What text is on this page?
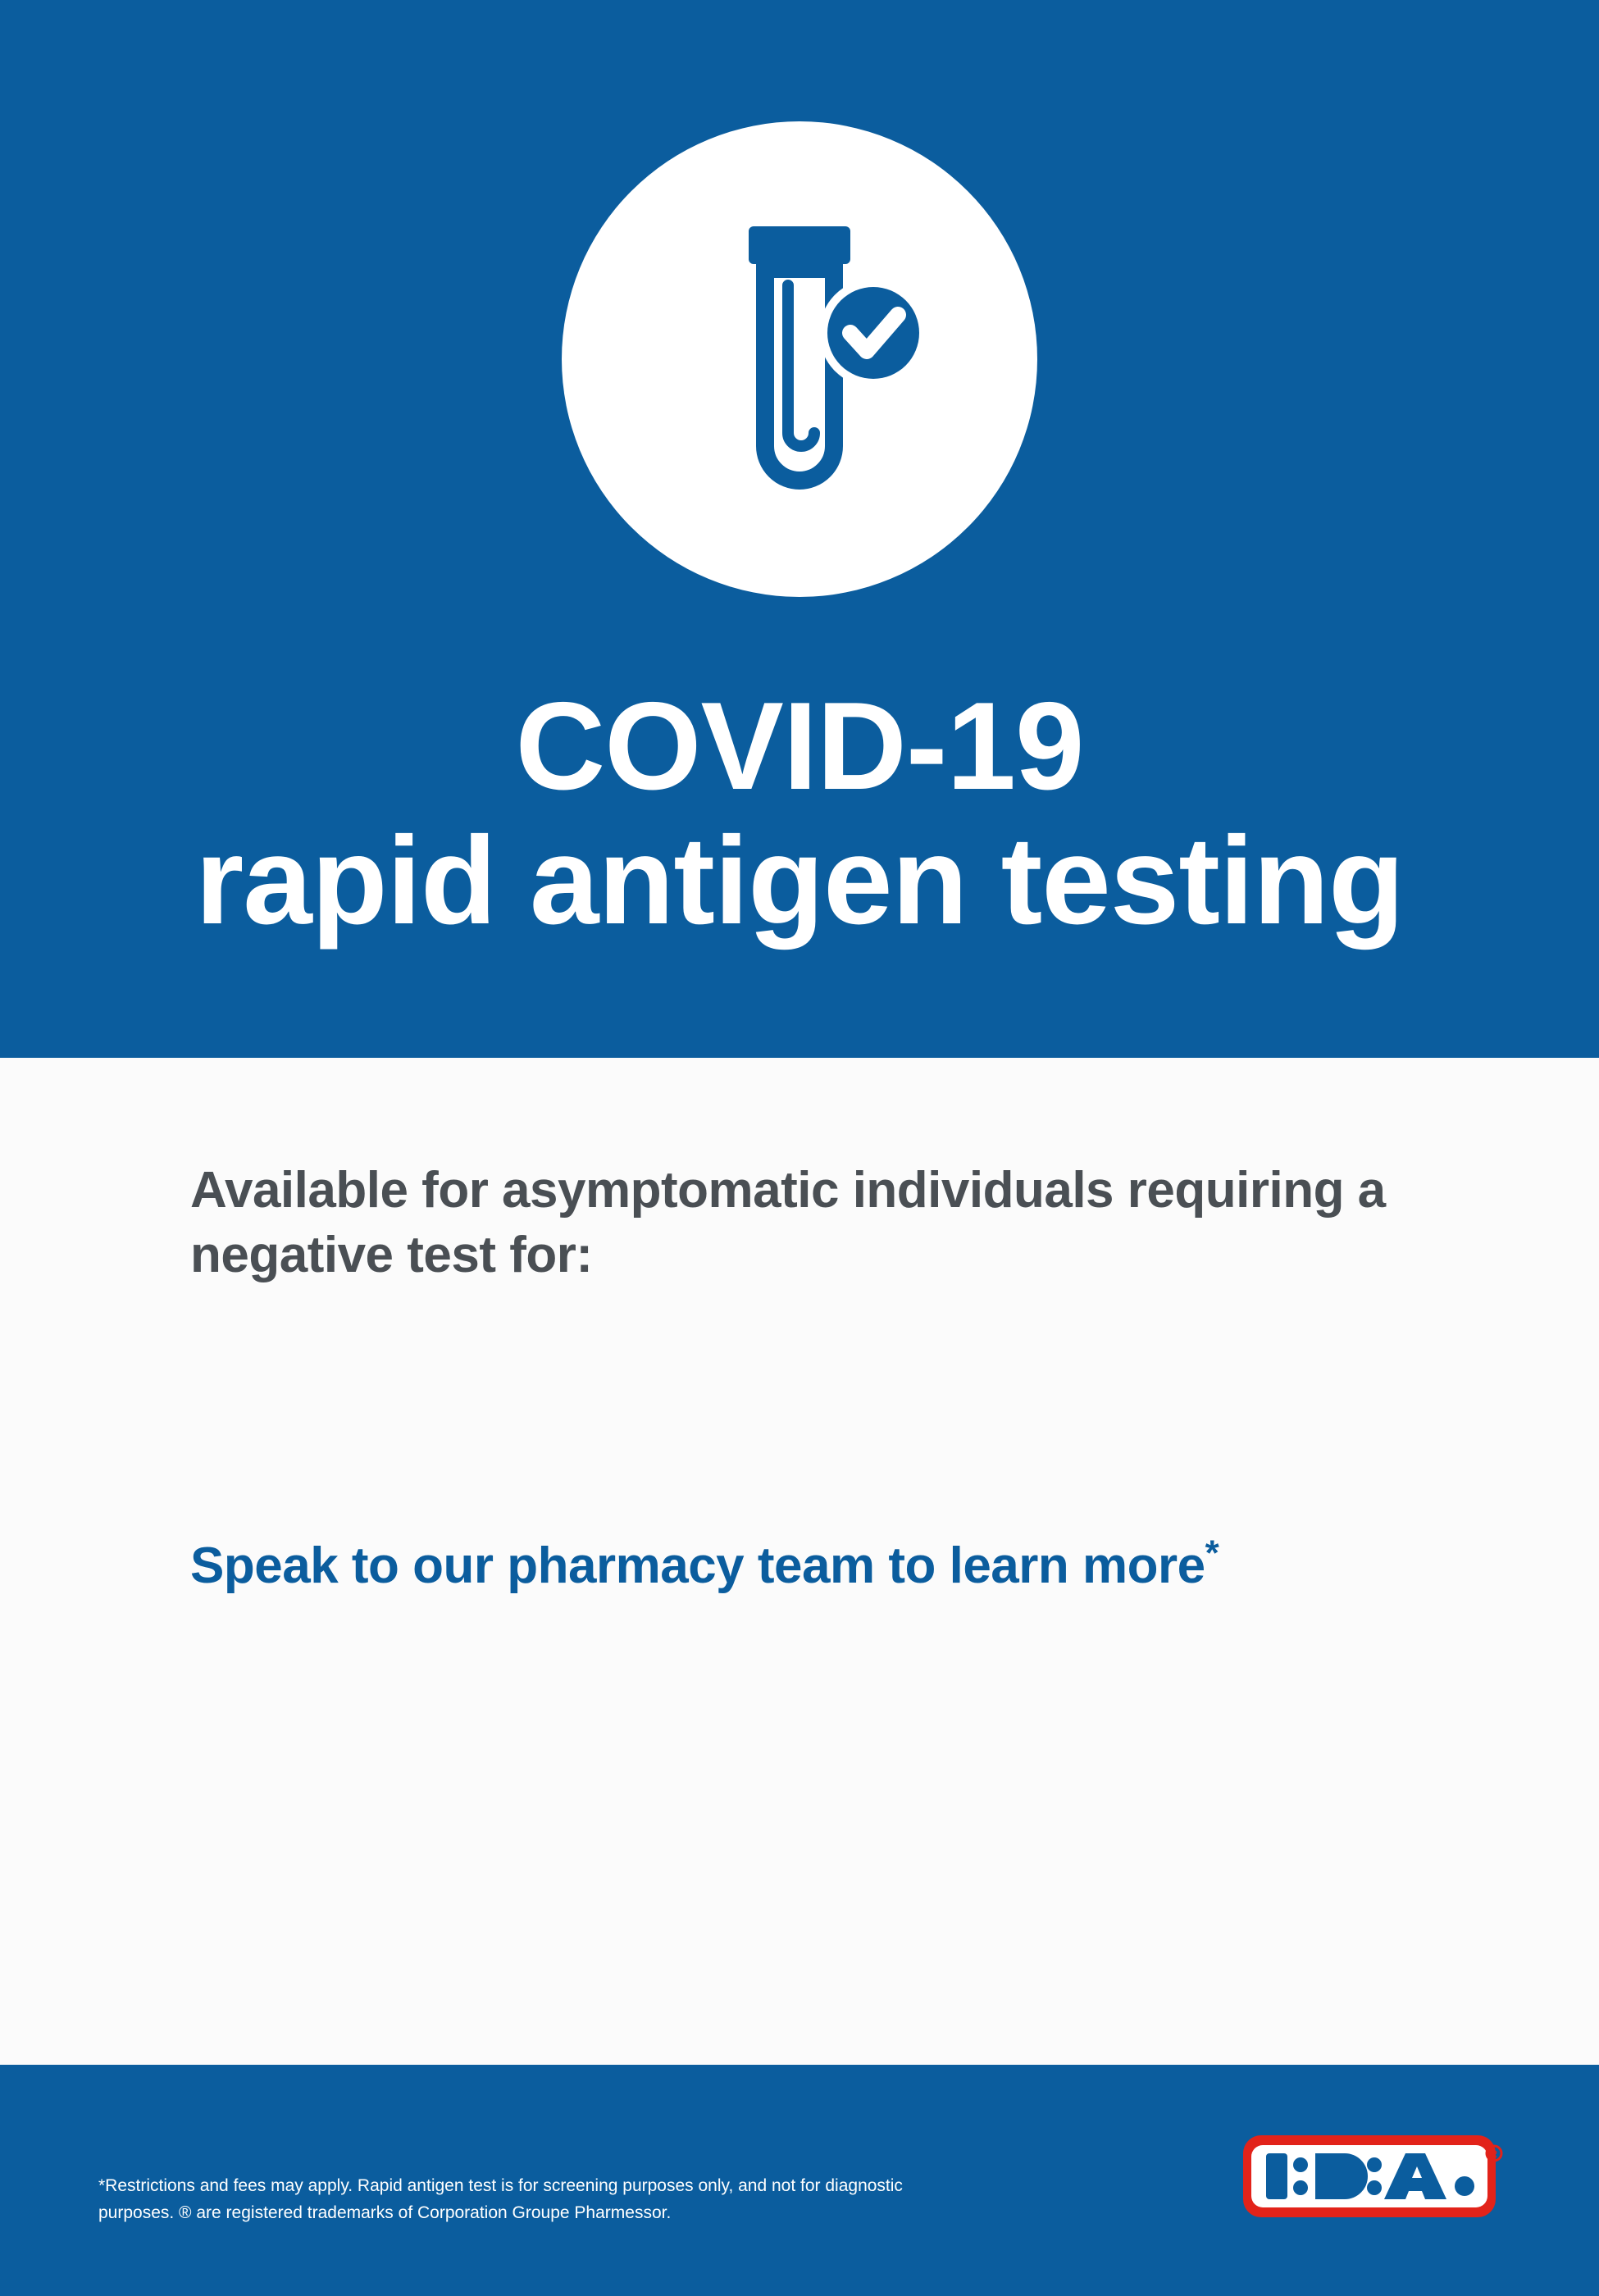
COVID-19
rapid antigen testing
Available for asymptomatic individuals requiring a negative test for:
Speak to our pharmacy team to learn more*
*Restrictions and fees may apply. Rapid antigen test is for screening purposes only, and not for diagnostic purposes. ® are registered trademarks of Corporation Groupe Pharmessor.
R
